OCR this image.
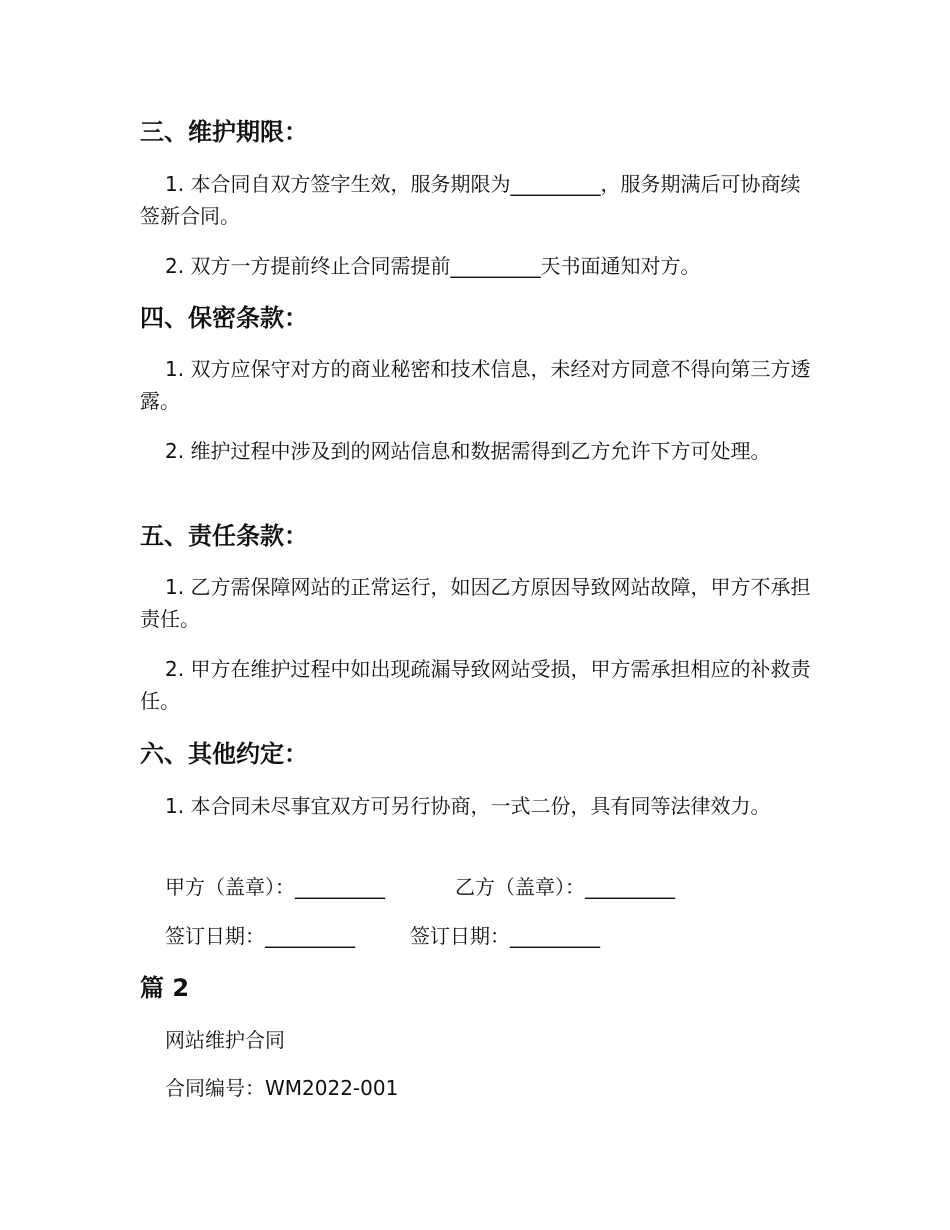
三、维护期限：
1. 本合同自双方签字生效，服务期限为_________，服务期满后可协商续签新合同。
2. 双方一方提前终止合同需提前_________天书面通知对方。
四、保密条款：
1. 双方应保守对方的商业秘密和技术信息，未经对方同意不得向第三方透露。
2. 维护过程中涉及到的网站信息和数据需得到乙方允许下方可处理。
五、责任条款：
1. 乙方需保障网站的正常运行，如因乙方原因导致网站故障，甲方不承担责任。
2. 甲方在维护过程中如出现疏漏导致网站受损，甲方需承担相应的补救责任。
六、其他约定：
1. 本合同未尽事宜双方可另行协商，一式二份，具有同等法律效力。
甲方（盖章）：_________	乙方（盖章）：_________
签订日期：_________	签订日期：_________
篇 2
网站维护合同
合同编号：WM2022-001
